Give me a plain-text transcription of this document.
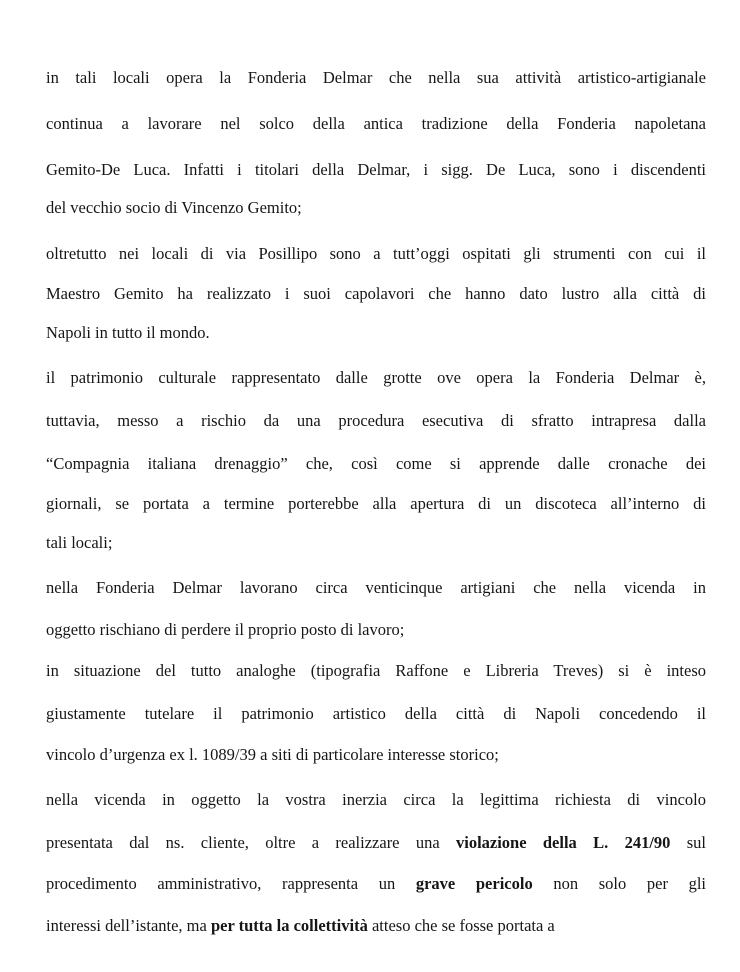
in tali locali opera la Fonderia Delmar che nella sua attività artistico-artigianale
continua a lavorare nel solco della antica tradizione della Fonderia napoletana
Gemito-De Luca. Infatti i titolari della Delmar, i sigg. De Luca, sono i discendenti
del vecchio socio di Vincenzo Gemito;
oltretutto nei locali di via Posillipo sono a tutt’oggi ospitati gli strumenti con cui il
Maestro Gemito ha realizzato i suoi capolavori che hanno dato lustro alla città di
Napoli in tutto il mondo.
il patrimonio culturale rappresentato dalle grotte ove opera la Fonderia Delmar è,
tuttavia, messo a rischio da una procedura esecutiva di sfratto intrapresa dalla
“Compagnia italiana drenaggio” che, così come si apprende dalle cronache dei
giornali, se portata a termine porterebbe alla apertura di un discoteca all’interno di
tali locali;
nella Fonderia Delmar lavorano circa venticinque artigiani che nella vicenda in
oggetto rischiano di perdere il proprio posto di lavoro;
in situazione del tutto analoghe (tipografia Raffone e Libreria Treves) si è inteso
giustamente tutelare il patrimonio artistico della città di Napoli concedendo il
vincolo d’urgenza ex l. 1089/39 a siti di particolare interesse storico;
nella vicenda in oggetto la vostra inerzia circa la legittima richiesta di vincolo
presentata dal ns. cliente, oltre a realizzare una violazione della L. 241/90 sul
procedimento amministrativo, rappresenta un grave pericolo non solo per gli
interessi dell’istante, ma per tutta la collettività atteso che se fosse portata a
